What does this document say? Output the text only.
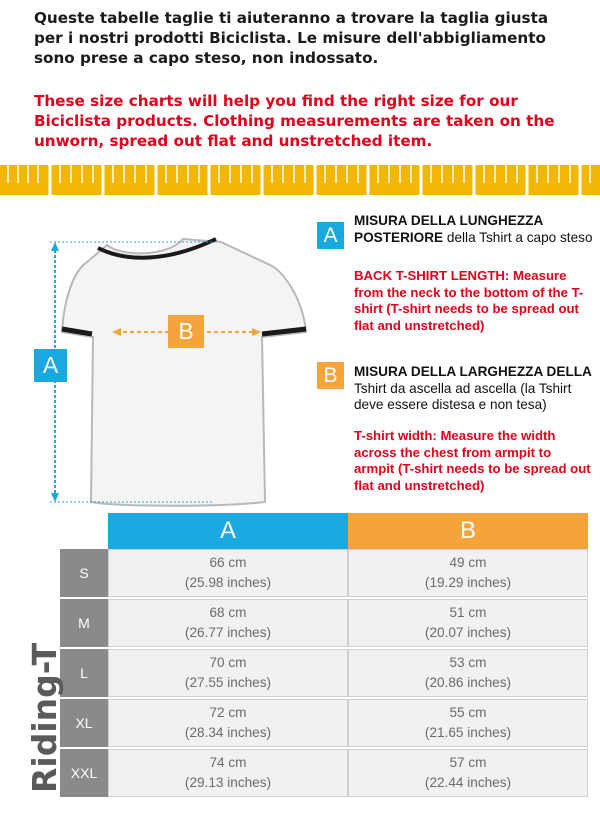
Queste tabelle taglie ti aiuteranno a trovare la taglia giusta per i nostri prodotti Biciclista. Le misure dell'abbigliamento sono prese a capo steso, non indossato.

These size charts will help you find the right size for our Biciclista products. Clothing measurements are taken on the unworn, spread out flat and unstretched item.

A
B
A

MISURA DELLA LUNGHEZZA POSTERIORE della Tshirt a capo steso

BACK T-SHIRT LENGTH: Measure from the neck to the bottom of the T-shirt (T-shirt needs to be spread out flat and unstretched)

B	MISURA DELLA LARGHEZZA DELLA Tshirt da ascella ad ascella (la Tshirt deve essere distesa e non tesa)

T-shirt width: Measure the width across the chest from armpit to armpit (T-shirt needs to be spread out flat and unstretched)

A	B
S
66 cm
(25.98 inches)
49 cm
(19.29 inches)
M
68 cm
(26.77 inches)
51 cm
(20.07 inches)
L
70 cm
(27.55 inches)
53 cm
(20.86 inches)
XL
72 cm
(28.34 inches)
55 cm
(21.65 inches)
XXL
74 cm
(29.13 inches)
57 cm
(22.44 inches)
Riding-T
